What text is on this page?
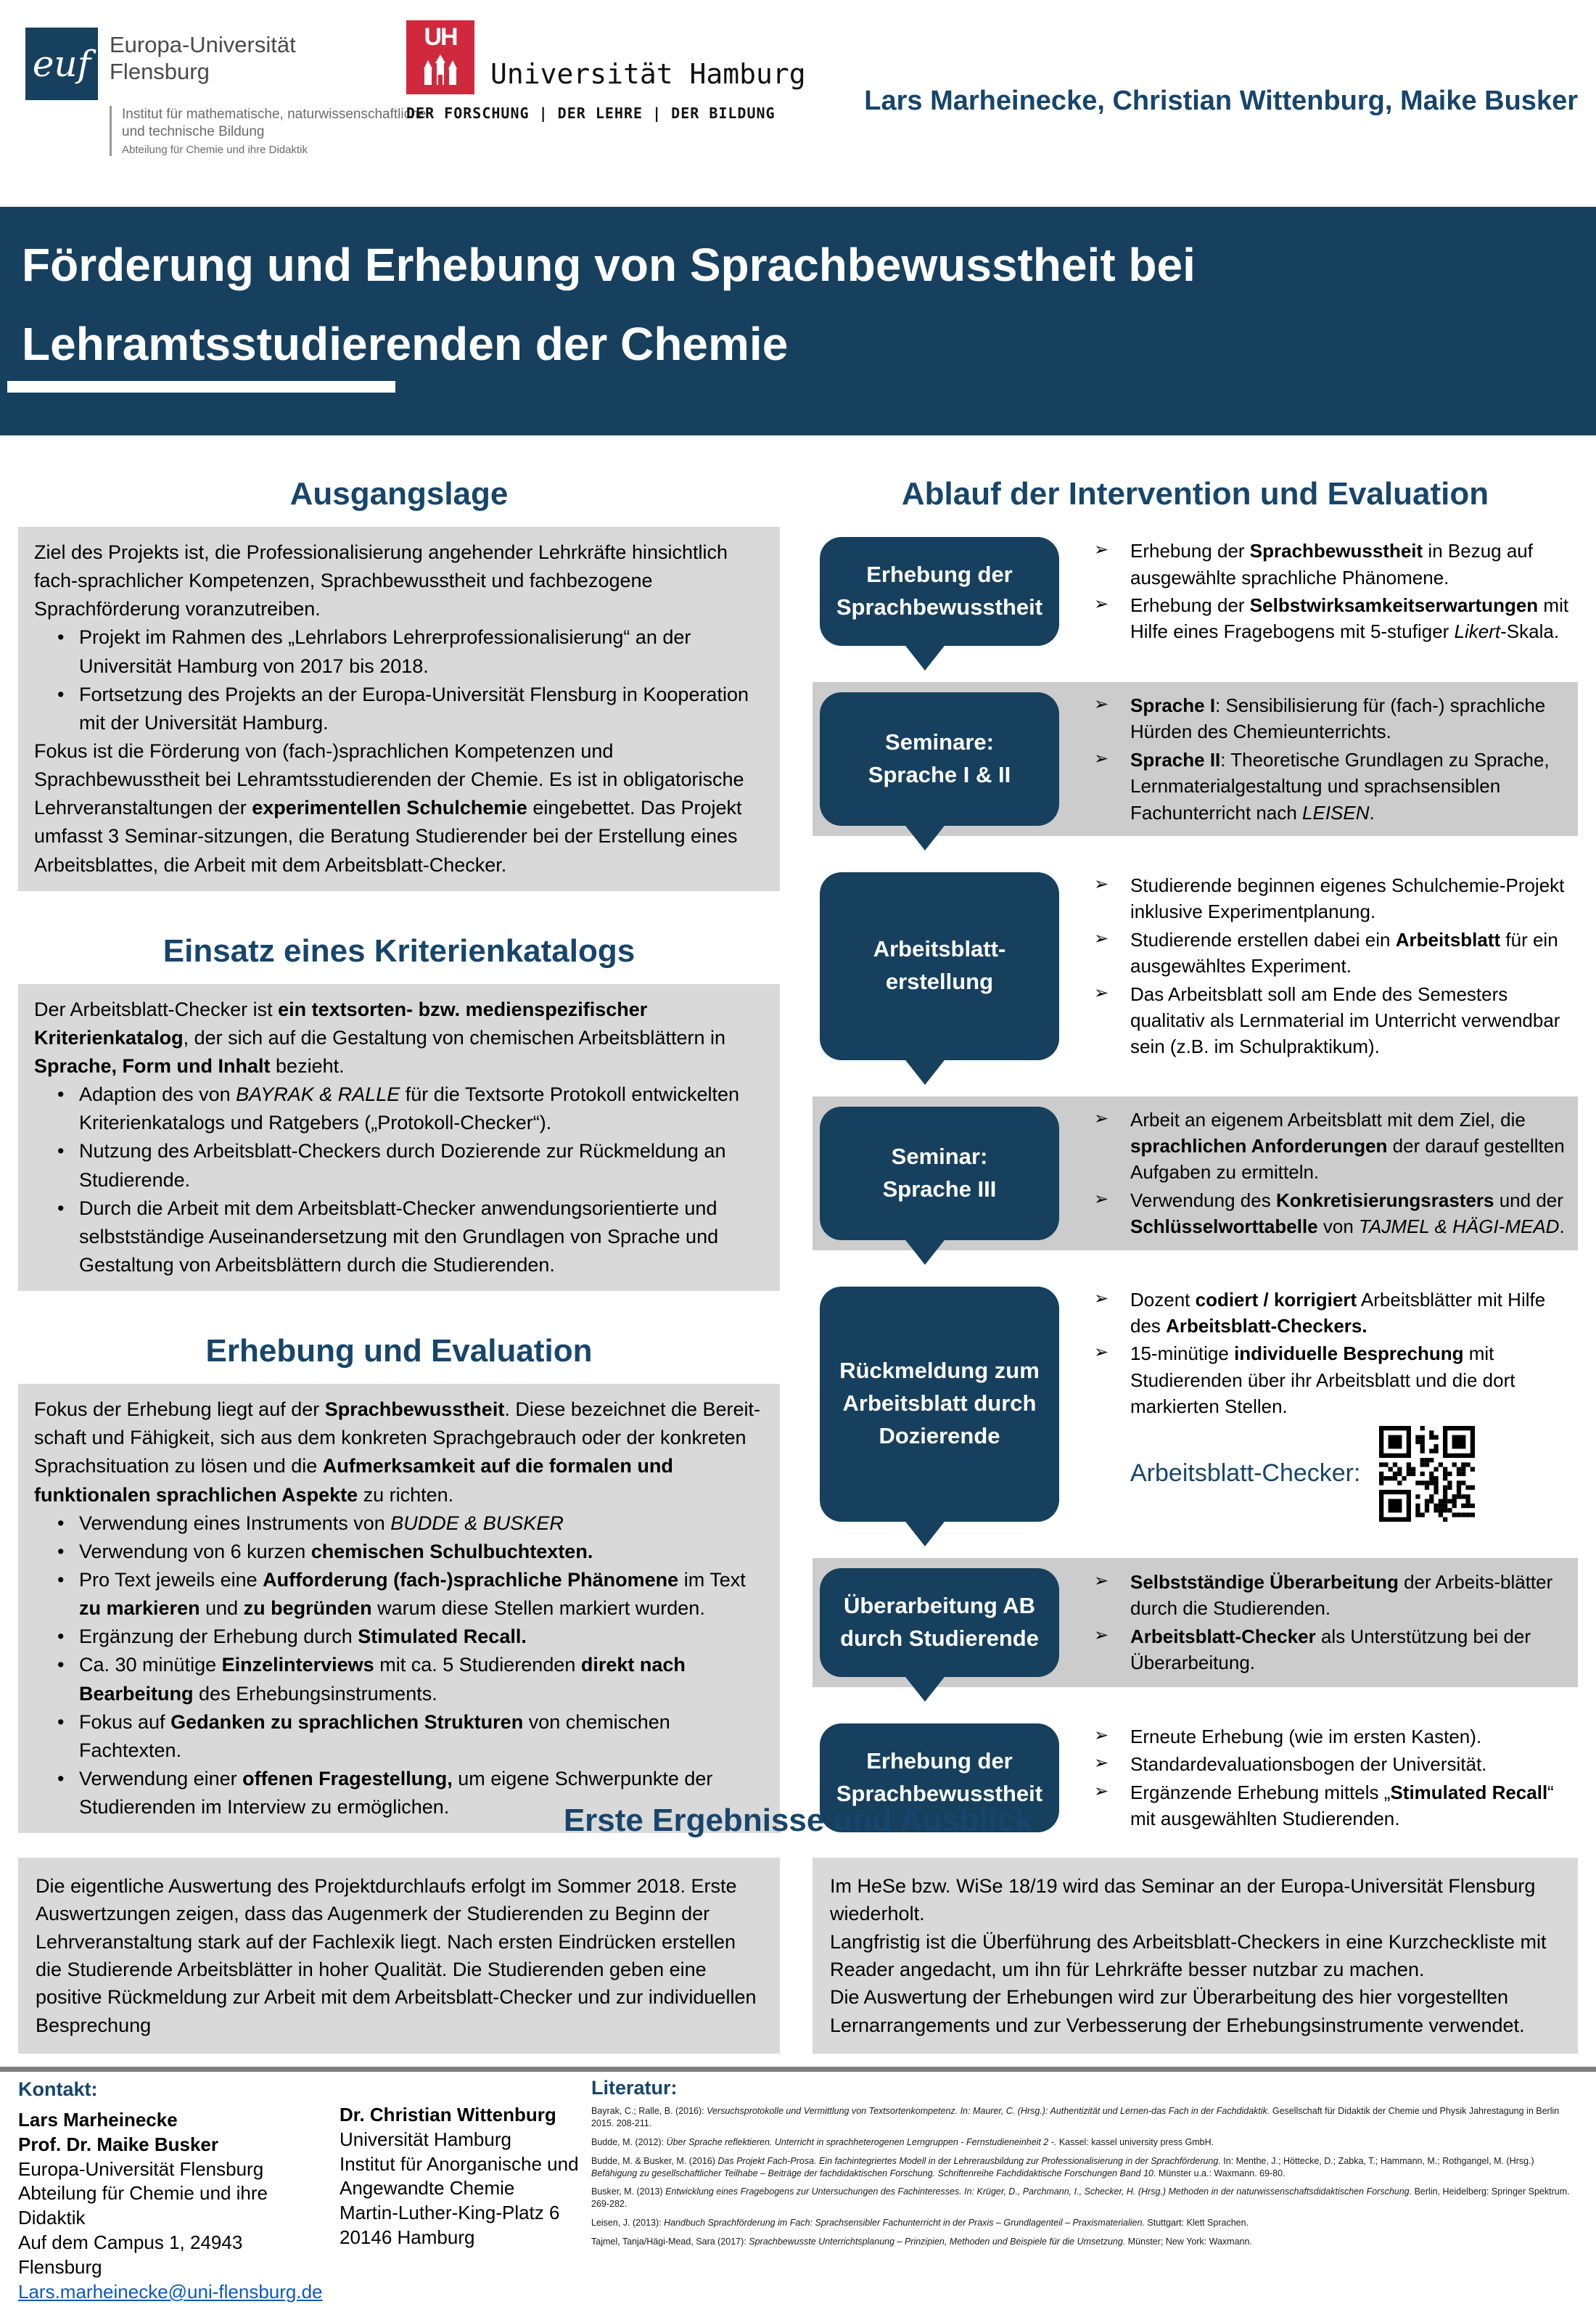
euf Europa-Universität
Flensburg
Institut für mathematische, naturwissenschaftliche
und technische Bildung
Abteilung für Chemie und ihre Didaktik
UH
Universität Hamburg
DER FORSCHUNG | DER LEHRE | DER BILDUNG	Lars Marheinecke, Christian Wittenburg, Maike Busker
Förderung und Erhebung von Sprachbewusstheit bei
Lehramtsstudierenden der Chemie
Ausgangslage
Ziel des Projekts ist, die Professionalisierung angehender Lehrkräfte hinsichtlich fach-sprachlicher Kompetenzen, Sprachbewusstheit und fachbezogene Sprachförderung voranzutreiben.
• Projekt im Rahmen des „Lehrlabors Lehrerprofessionalisierung“ an der Universität Hamburg von 2017 bis 2018.
• Fortsetzung des Projekts an der Europa-Universität Flensburg in Kooperation mit der Universität Hamburg.
Fokus ist die Förderung von (fach-)sprachlichen Kompetenzen und Sprachbewusstheit bei Lehramtsstudierenden der Chemie. Es ist in obligatorische Lehrveranstaltungen der experimentellen Schulchemie eingebettet. Das Projekt umfasst 3 Seminar-sitzungen, die Beratung Studierender bei der Erstellung eines Arbeitsblattes, die Arbeit mit dem Arbeitsblatt-Checker.
Einsatz eines Kriterienkatalogs
Der Arbeitsblatt-Checker ist ein textsorten- bzw. medienspezifischer Kriterienkatalog, der sich auf die Gestaltung von chemischen Arbeitsblättern in Sprache, Form und Inhalt bezieht.
• Adaption des von BAYRAK & RALLE für die Textsorte Protokoll entwickelten Kriterienkatalogs und Ratgebers („Protokoll-Checker“).
• Nutzung des Arbeitsblatt-Checkers durch Dozierende zur Rückmeldung an Studierende.
• Durch die Arbeit mit dem Arbeitsblatt-Checker anwendungsorientierte und selbstständige Auseinandersetzung mit den Grundlagen von Sprache und Gestaltung von Arbeitsblättern durch die Studierenden.
Erhebung und Evaluation
Fokus der Erhebung liegt auf der Sprachbewusstheit. Diese bezeichnet die Bereit-schaft und Fähigkeit, sich aus dem konkreten Sprachgebrauch oder der konkreten Sprachsituation zu lösen und die Aufmerksamkeit auf die formalen und funktionalen sprachlichen Aspekte zu richten.
• Verwendung eines Instruments von BUDDE & BUSKER
• Verwendung von 6 kurzen chemischen Schulbuchtexten.
• Pro Text jeweils eine Aufforderung (fach-)sprachliche Phänomene im Text zu markieren und zu begründen warum diese Stellen markiert wurden.
• Ergänzung der Erhebung durch Stimulated Recall.
• Ca. 30 minütige Einzelinterviews mit ca. 5 Studierenden direkt nach Bearbeitung des Erhebungsinstruments.
• Fokus auf Gedanken zu sprachlichen Strukturen von chemischen Fachtexten.
• Verwendung einer offenen Fragestellung, um eigene Schwerpunkte der Studierenden im Interview zu ermöglichen.
Ablauf der Intervention und Evaluation
Erhebung der
Sprachbewusstheit
➢ Erhebung der Sprachbewusstheit in Bezug auf ausgewählte sprachliche Phänomene.
➢ Erhebung der Selbstwirksamkeitserwartungen mit Hilfe eines Fragebogens mit 5-stufiger Likert-Skala.
Seminare:
Sprache I & II
➢ Sprache I: Sensibilisierung für (fach-) sprachliche Hürden des Chemieunterrichts.
➢ Sprache II: Theoretische Grundlagen zu Sprache, Lernmaterialgestaltung und sprachsensiblen Fachunterricht nach LEISEN.
Arbeitsblatt-
erstellung
➢ Studierende beginnen eigenes Schulchemie-Projekt inklusive Experimentplanung.
➢ Studierende erstellen dabei ein Arbeitsblatt für ein ausgewähltes Experiment.
➢ Das Arbeitsblatt soll am Ende des Semesters qualitativ als Lernmaterial im Unterricht verwendbar sein (z.B. im Schulpraktikum).
Seminar:
Sprache III
➢ Arbeit an eigenem Arbeitsblatt mit dem Ziel, die sprachlichen Anforderungen der darauf gestellten Aufgaben zu ermitteln.
➢ Verwendung des Konkretisierungsrasters und der Schlüsselworttabelle von TAJMEL & HÄGI-MEAD.
Rückmeldung zum
Arbeitsblatt durch
Dozierende
➢ Dozent codiert / korrigiert Arbeitsblätter mit Hilfe des Arbeitsblatt-Checkers.
➢ 15-minütige individuelle Besprechung mit Studierenden über ihr Arbeitsblatt und die dort markierten Stellen.
Arbeitsblatt-Checker:
Überarbeitung AB
durch Studierende
➢ Selbstständige Überarbeitung der Arbeits-blätter durch die Studierenden.
➢ Arbeitsblatt-Checker als Unterstützung bei der Überarbeitung.
Erhebung der
Sprachbewusstheit
➢ Erneute Erhebung (wie im ersten Kasten).
➢ Standardevaluationsbogen der Universität.
➢ Ergänzende Erhebung mittels „Stimulated Recall“ mit ausgewählten Studierenden.
Erste Ergebnisse und Ausblick
Die eigentliche Auswertung des Projektdurchlaufs erfolgt im Sommer 2018. Erste Auswertzungen zeigen, dass das Augenmerk der Studierenden zu Beginn der Lehrveranstaltung stark auf der Fachlexik liegt. Nach ersten Eindrücken erstellen die Studierende Arbeitsblätter in hoher Qualität. Die Studierenden geben eine positive Rückmeldung zur Arbeit mit dem Arbeitsblatt-Checker und zur individuellen Besprechung
Im HeSe bzw. WiSe 18/19 wird das Seminar an der Europa-Universität Flensburg wiederholt.
Langfristig ist die Überführung des Arbeitsblatt-Checkers in eine Kurzcheckliste mit Reader angedacht, um ihn für Lehrkräfte besser nutzbar zu machen.
Die Auswertung der Erhebungen wird zur Überarbeitung des hier vorgestellten Lernarrangements und zur Verbesserung der Erhebungsinstrumente verwendet.
Kontakt:
Lars Marheinecke
Prof. Dr. Maike Busker
Europa-Universität Flensburg
Abteilung für Chemie und ihre Didaktik
Auf dem Campus 1, 24943 Flensburg
Lars.marheinecke@uni-flensburg.de
Dr. Christian Wittenburg
Universität Hamburg
Institut für Anorganische und
Angewandte Chemie
Martin-Luther-King-Platz 6
20146 Hamburg
Literatur:
Bayrak, C.; Ralle, B. (2016): Versuchsprotokolle und Vermittlung von Textsortenkompetenz. In: Maurer, C. (Hrsg.): Authentizität und Lernen-das Fach in der Fachdidaktik. Gesellschaft für Didaktik der Chemie und Physik Jahrestagung in Berlin 2015. 208-211.
Budde, M. (2012): Über Sprache reflektieren. Unterricht in sprachheterogenen Lerngruppen - Fernstudieneinheit 2 -. Kassel: kassel university press GmbH.
Budde, M. & Busker, M. (2016) Das Projekt Fach-Prosa. Ein fachintegriertes Modell in der Lehrerausbildung zur Professionalisierung in der Sprachförderung. In: Menthe, J.; Höttecke, D.; Zabka, T.; Hammann, M.; Rothgangel, M. (Hrsg.) Befähigung zu gesellschaftlicher Teilhabe – Beiträge der fachdidaktischen Forschung. Schriftenreihe Fachdidaktische Forschungen Band 10. Münster u.a.: Waxmann. 69-80.
Busker, M. (2013) Entwicklung eines Fragebogens zur Untersuchungen des Fachinteresses. In: Krüger, D., Parchmann, I., Schecker, H. (Hrsg.) Methoden in der naturwissenschaftsdidaktischen Forschung. Berlin, Heidelberg: Springer Spektrum. 269-282.
Leisen, J. (2013): Handbuch Sprachförderung im Fach: Sprachsensibler Fachunterricht in der Praxis – Grundlagenteil – Praxismaterialien. Stuttgart: Klett Sprachen.
Tajmel, Tanja/Hägi-Mead, Sara (2017): Sprachbewusste Unterrichtsplanung – Prinzipien, Methoden und Beispiele für die Umsetzung. Münster; New York: Waxmann.
